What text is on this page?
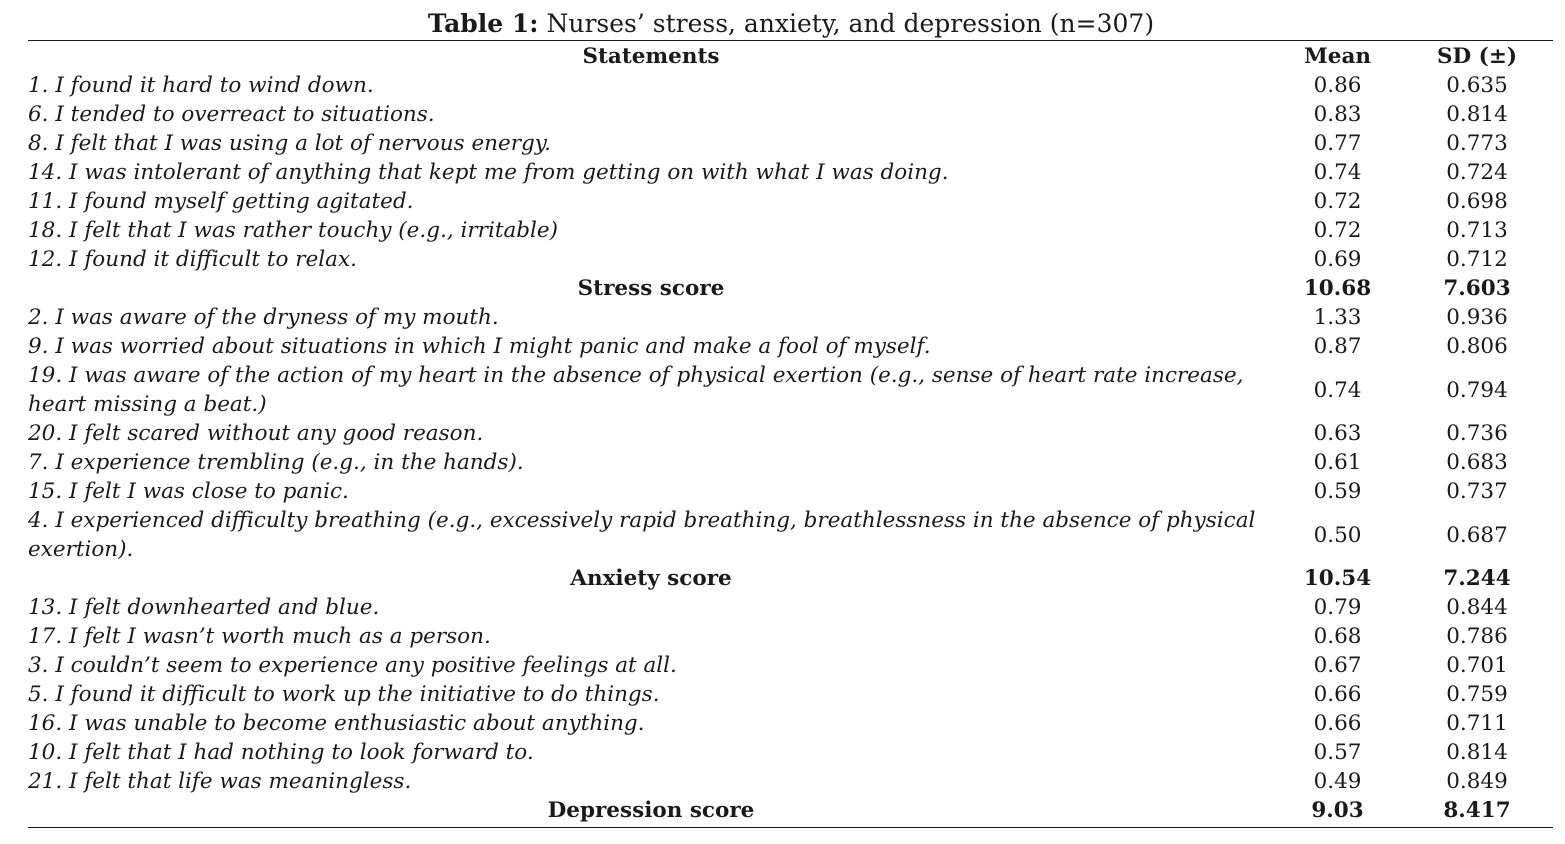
Table 1: Nurses’ stress, anxiety, and depression (n=307)
Statements	Mean	SD (±)
1. I found it hard to wind down.	0.86	0.635
6. I tended to overreact to situations.	0.83	0.814
8. I felt that I was using a lot of nervous energy.	0.77	0.773
14. I was intolerant of anything that kept me from getting on with what I was doing.	0.74	0.724
11. I found myself getting agitated.	0.72	0.698
18. I felt that I was rather touchy (e.g., irritable)	0.72	0.713
12. I found it difficult to relax.	0.69	0.712
Stress score	10.68	7.603
2. I was aware of the dryness of my mouth.	1.33	0.936
9. I was worried about situations in which I might panic and make a fool of myself.	0.87	0.806
19. I was aware of the action of my heart in the absence of physical exertion (e.g., sense of heart rate increase, heart missing a beat.)	0.74	0.794
20. I felt scared without any good reason.	0.63	0.736
7. I experience trembling (e.g., in the hands).	0.61	0.683
15. I felt I was close to panic.	0.59	0.737
4. I experienced difficulty breathing (e.g., excessively rapid breathing, breathlessness in the absence of physical exertion).	0.50	0.687
Anxiety score	10.54	7.244
13. I felt downhearted and blue.	0.79	0.844
17. I felt I wasn’t worth much as a person.	0.68	0.786
3. I couldn’t seem to experience any positive feelings at all.	0.67	0.701
5. I found it difficult to work up the initiative to do things.	0.66	0.759
16. I was unable to become enthusiastic about anything.	0.66	0.711
10. I felt that I had nothing to look forward to.	0.57	0.814
21. I felt that life was meaningless.	0.49	0.849
Depression score	9.03	8.417
